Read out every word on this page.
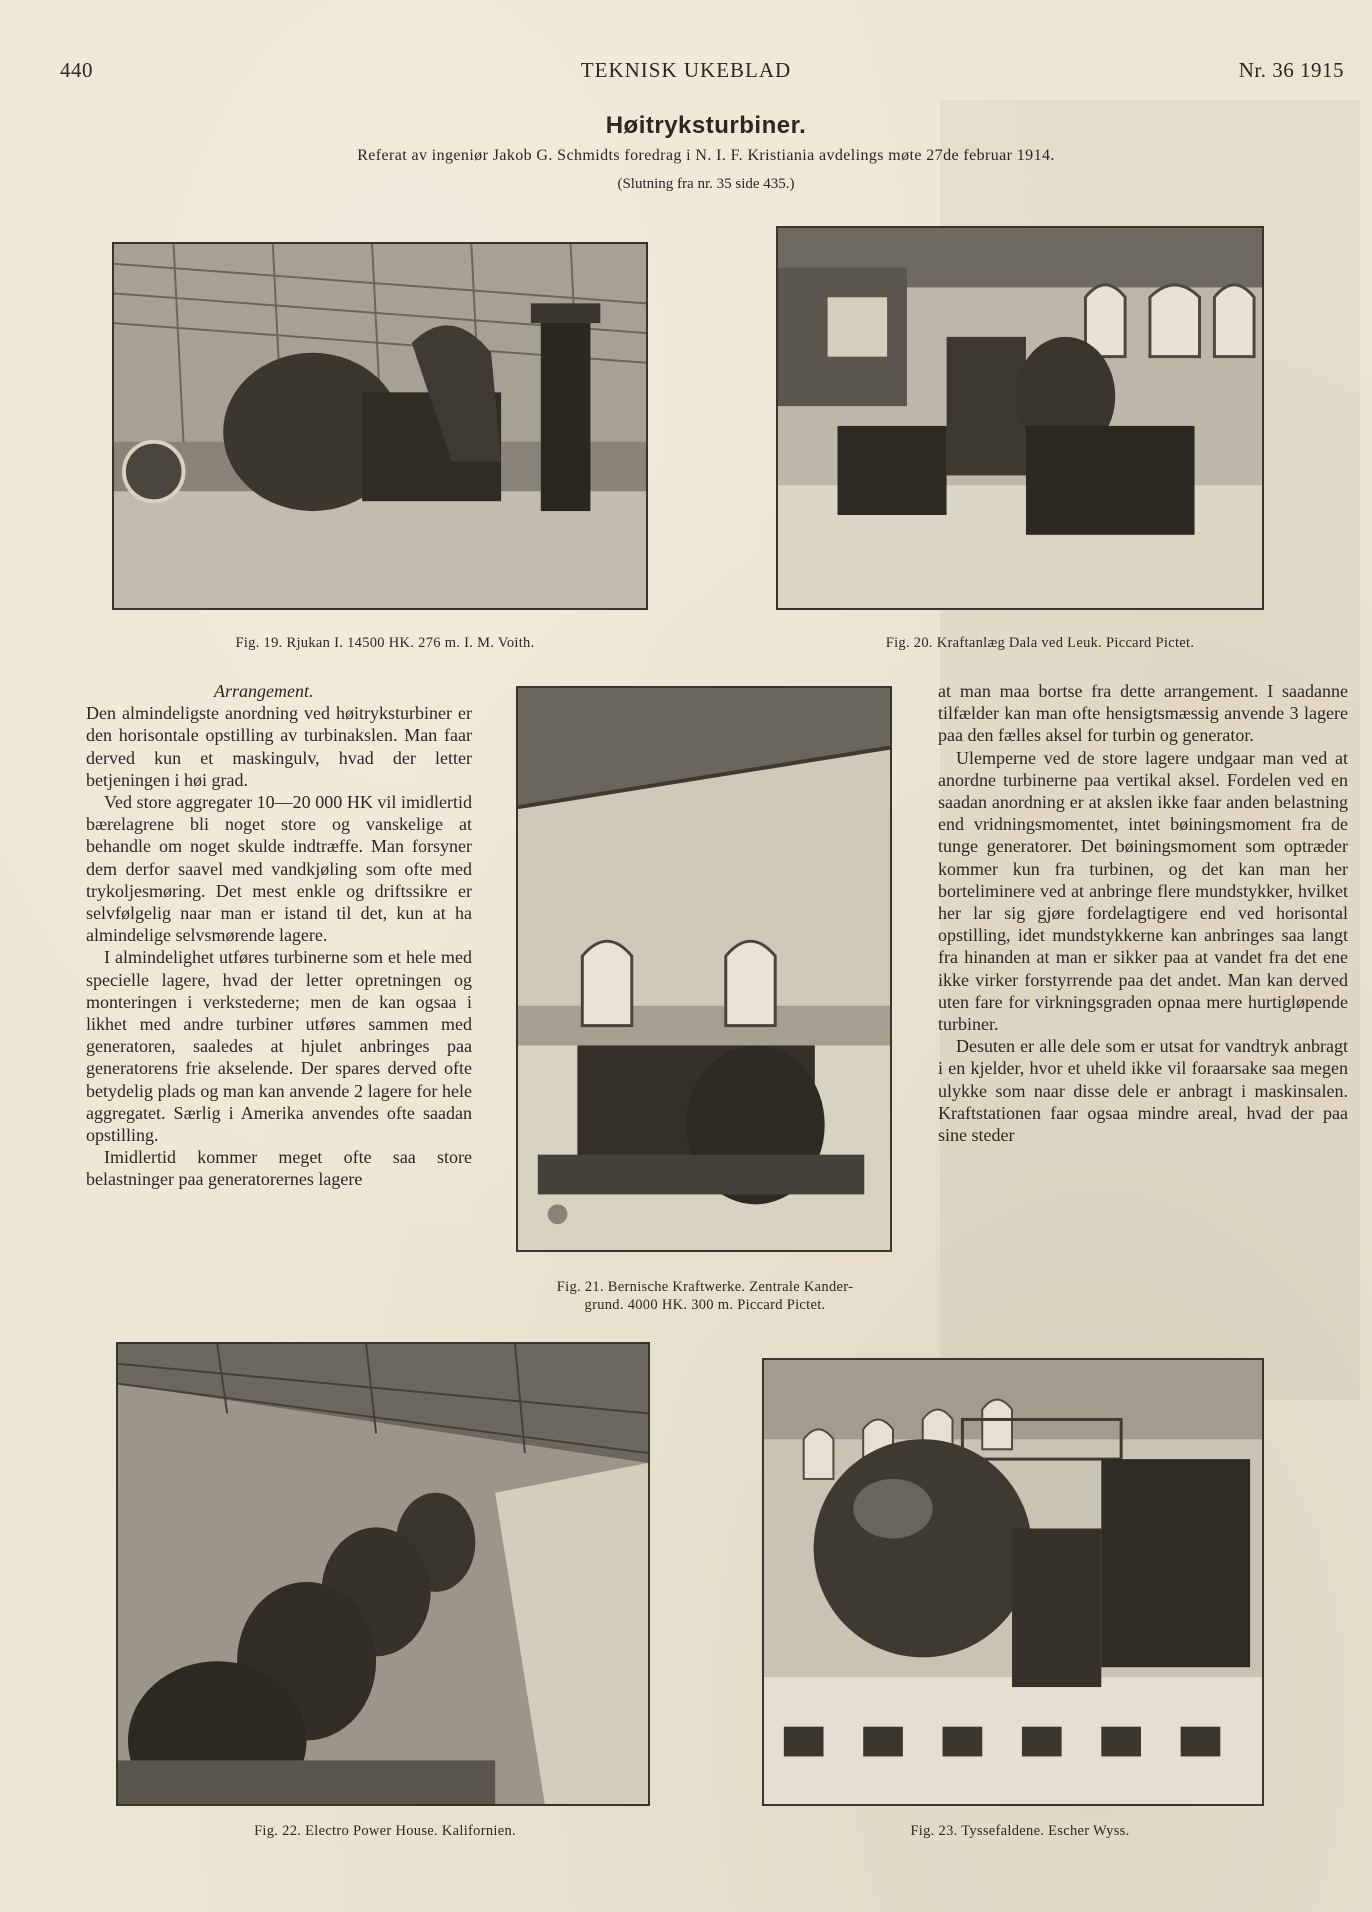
440	TEKNISK UKEBLAD	Nr. 36 1915
Høitryksturbiner.
Referat av ingeniør Jakob G. Schmidts foredrag i N. I. F. Kristiania avdelings møte 27de februar 1914.
(Slutning fra nr. 35 side 435.)
Fig. 19. Rjukan I. 14500 HK. 276 m. I. M. Voith.	Fig. 20. Kraftanlæg Dala ved Leuk. Piccard Pictet.
Fig. 21. Bernische Kraftwerke. Zentrale Kander-
grund. 4000 HK. 300 m. Piccard Pictet.

Arrangement.

Den almindeligste anordning ved høitryksturbiner er den horisontale opstilling av turbinakslen. Man faar derved kun et maskingulv, hvad der letter betjeningen i høi grad.

Ved store aggregater 10—20 000 HK vil imidlertid bærelagrene bli noget store og vanskelige at behandle om noget skulde indtræffe. Man forsyner dem derfor saavel med vandkjøling som ofte med trykoljesmøring. Det mest enkle og driftssikre er selvfølgelig naar man er istand til det, kun at ha almindelige selvsmørende lagere.

I almindelighet utføres turbinerne som et hele med specielle lagere, hvad der letter opretningen og monteringen i verkstederne; men de kan ogsaa i likhet med andre turbiner utføres sammen med generatoren, saaledes at hjulet anbringes paa generatorens frie akselende. Der spares derved ofte betydelig plads og man kan anvende 2 lagere for hele aggregatet. Særlig i Amerika anvendes ofte saadan opstilling.

Imidlertid kommer meget ofte saa store belastninger paa generatorernes lagere

at man maa bortse fra dette arrangement. I saadanne tilfælder kan man ofte hensigtsmæssig anvende 3 lagere paa den fælles aksel for turbin og generator.

Ulemperne ved de store lagere undgaar man ved at anordne turbinerne paa vertikal aksel. Fordelen ved en saadan anordning er at akslen ikke faar anden belastning end vridningsmomentet, intet bøiningsmoment fra de tunge generatorer. Det bøiningsmoment som optræder kommer kun fra turbinen, og det kan man her borteliminere ved at anbringe flere mundstykker, hvilket her lar sig gjøre fordelagtigere end ved horisontal opstilling, idet mundstykkerne kan anbringes saa langt fra hinanden at man er sikker paa at vandet fra det ene ikke virker forstyrrende paa det andet. Man kan derved uten fare for virkningsgraden opnaa mere hurtigløpende turbiner.

Desuten er alle dele som er utsat for vandtryk anbragt i en kjelder, hvor et uheld ikke vil foraarsake saa megen ulykke som naar disse dele er anbragt i maskinsalen. Kraftstationen faar ogsaa mindre areal, hvad der paa sine steder

Fig. 22. Electro Power House. Kalifornien.	Fig. 23. Tyssefaldene. Escher Wyss.
